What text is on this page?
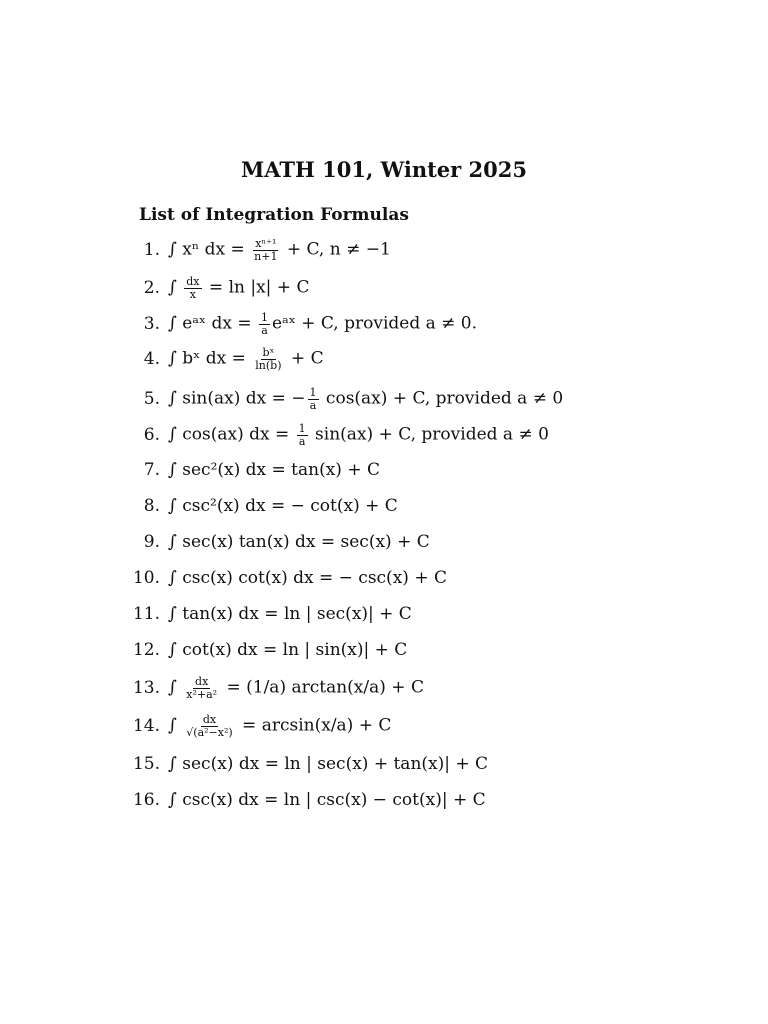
MATH 101, Winter 2025
List of Integration Formulas
1. ∫ xⁿ dx = $\frac{\text{xⁿ⁺¹}}{n+1} + C$, n ≠ −1
2. ∫ $\frac{dx}{x} = \ln |x| + C$
3. ∫ eᵃˣ dx = $\frac{1}{a}$ eᵃˣ + C, provided a ≠ 0.
4. ∫ bˣ dx = $\frac{\text{bˣ}}{\ln(b)} + C$
5. ∫ sin(ax) dx = − $\frac{1}{a} \cos(ax) + C$, provided a ≠ 0
6. ∫ cos(ax) dx = $\frac{1}{a} \sin(ax) + C$, provided a ≠ 0
7. ∫ sec²(x) dx = tan(x) + C
8. ∫ csc²(x) dx = − cot(x) + C
9. ∫ sec(x) tan(x) dx = sec(x) + C
10. ∫ csc(x) cot(x) dx = − csc(x) + C
11. ∫ tan(x) dx = ln | sec(x)| + C
12. ∫ cot(x) dx = ln | sin(x)| + C
13. ∫ $\frac{dx}{\text{x²+a²}} = (1/a) \arctan(x/a) + C$
14. ∫ $\frac{dx}{\text{√(a²−x²)}} = \arcsin(x/a) + C$
15. ∫ sec(x) dx = ln | sec(x) + tan(x)| + C
16. ∫ csc(x) dx = ln | csc(x) − cot(x)| + C
